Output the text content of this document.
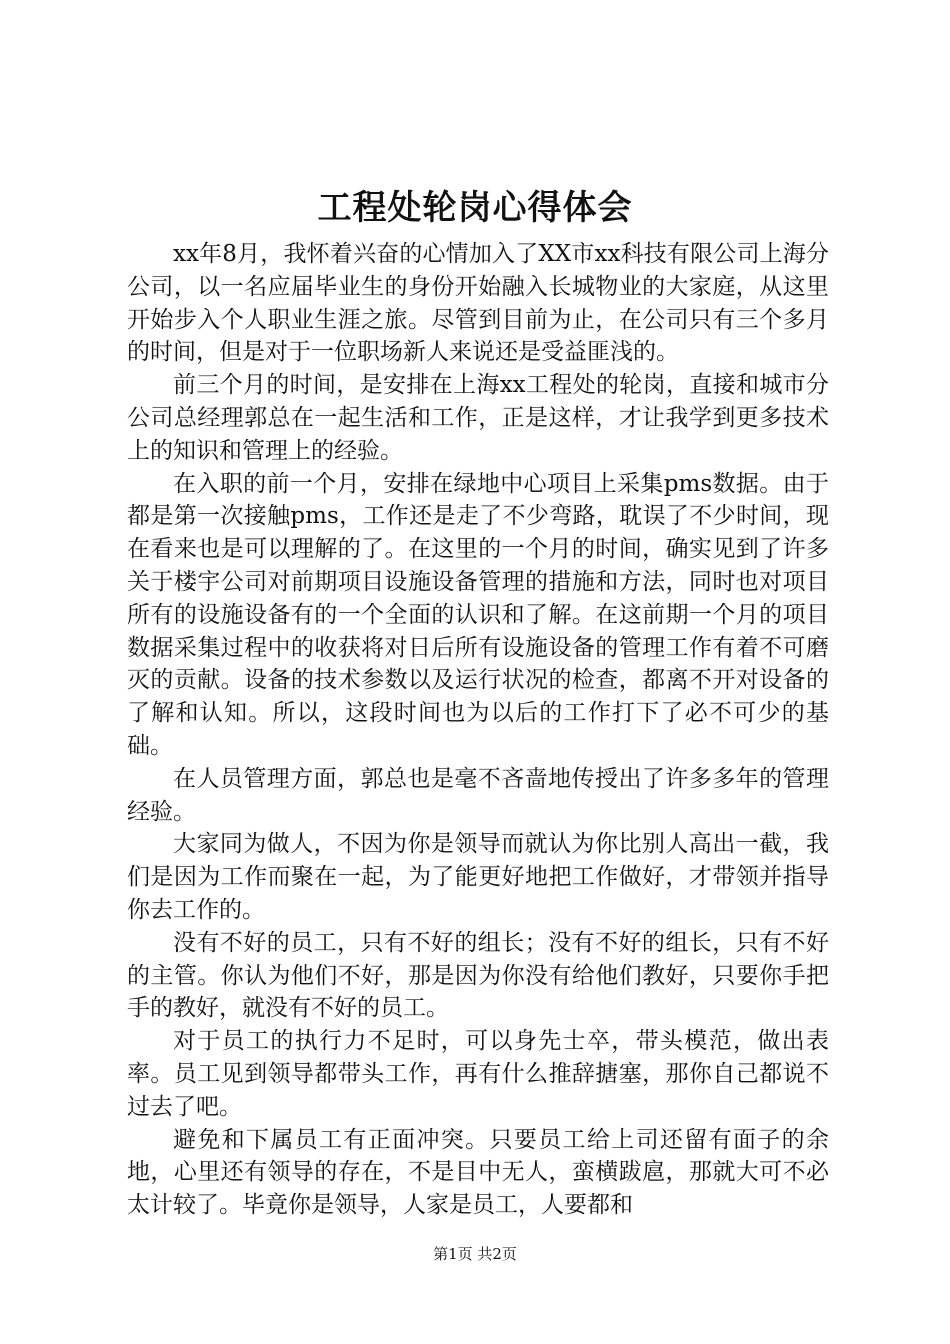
工程处轮岗心得体会

xx年8月，我怀着兴奋的心情加入了XX市xx科技有限公司上海分公司，以一名应届毕业生的身份开始融入长城物业的大家庭，从这里开始步入个人职业生涯之旅。尽管到目前为止，在公司只有三个多月的时间，但是对于一位职场新人来说还是受益匪浅的。

前三个月的时间，是安排在上海xx工程处的轮岗，直接和城市分公司总经理郭总在一起生活和工作，正是这样，才让我学到更多技术上的知识和管理上的经验。

在入职的前一个月，安排在绿地中心项目上采集pms数据。由于都是第一次接触pms，工作还是走了不少弯路，耽误了不少时间，现在看来也是可以理解的了。在这里的一个月的时间，确实见到了许多关于楼宇公司对前期项目设施设备管理的措施和方法，同时也对项目所有的设施设备有的一个全面的认识和了解。在这前期一个月的项目数据采集过程中的收获将对日后所有设施设备的管理工作有着不可磨灭的贡献。设备的技术参数以及运行状况的检查，都离不开对设备的了解和认知。所以，这段时间也为以后的工作打下了必不可少的基础。

在人员管理方面，郭总也是毫不吝啬地传授出了许多多年的管理经验。

大家同为做人，不因为你是领导而就认为你比别人高出一截，我们是因为工作而聚在一起，为了能更好地把工作做好，才带领并指导你去工作的。

没有不好的员工，只有不好的组长；没有不好的组长，只有不好的主管。你认为他们不好，那是因为你没有给他们教好，只要你手把手的教好，就没有不好的员工。

对于员工的执行力不足时，可以身先士卒，带头模范，做出表率。员工见到领导都带头工作，再有什么推辞搪塞，那你自己都说不过去了吧。

避免和下属员工有正面冲突。只要员工给上司还留有面子的余地，心里还有领导的存在，不是目中无人，蛮横跋扈，那就大可不必太计较了。毕竟你是领导，人家是员工，人要都和

第1页 共2页
